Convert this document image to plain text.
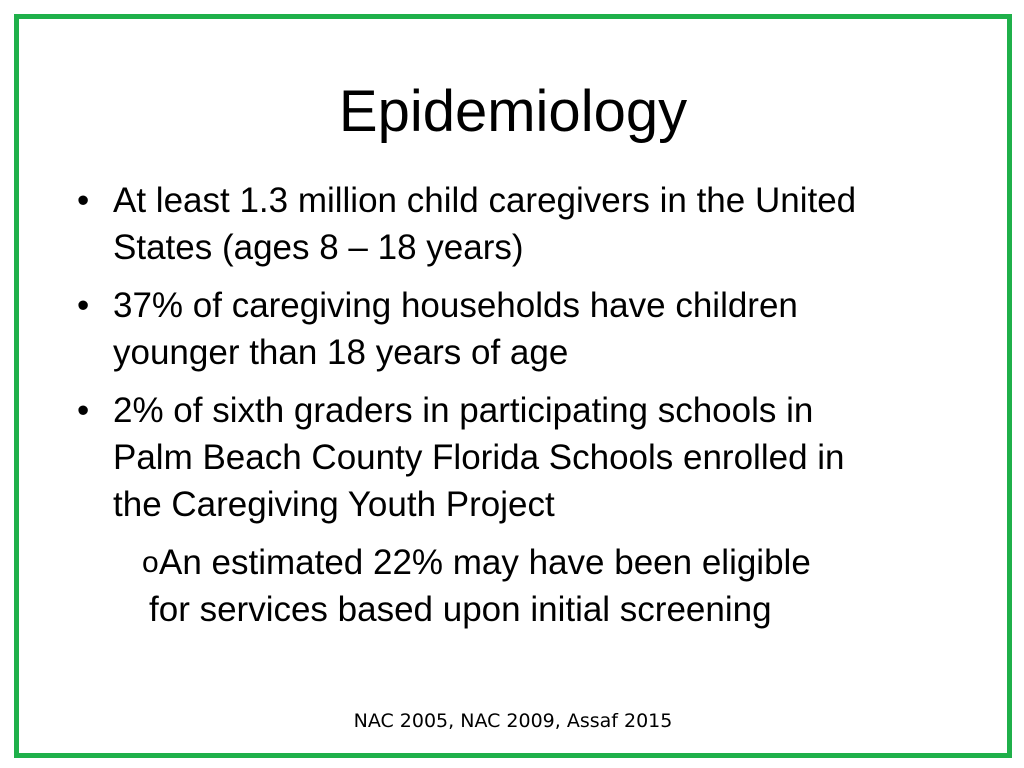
Epidemiology
• At least 1.3 million child caregivers in the United
States (ages 8 – 18 years)
• 37% of caregiving households have children
younger than 18 years of age
• 2% of sixth graders in participating schools in
Palm Beach County Florida Schools enrolled in
the Caregiving Youth Project
o An estimated 22% may have been eligible
for services based upon initial screening
NAC 2005, NAC 2009, Assaf 2015
